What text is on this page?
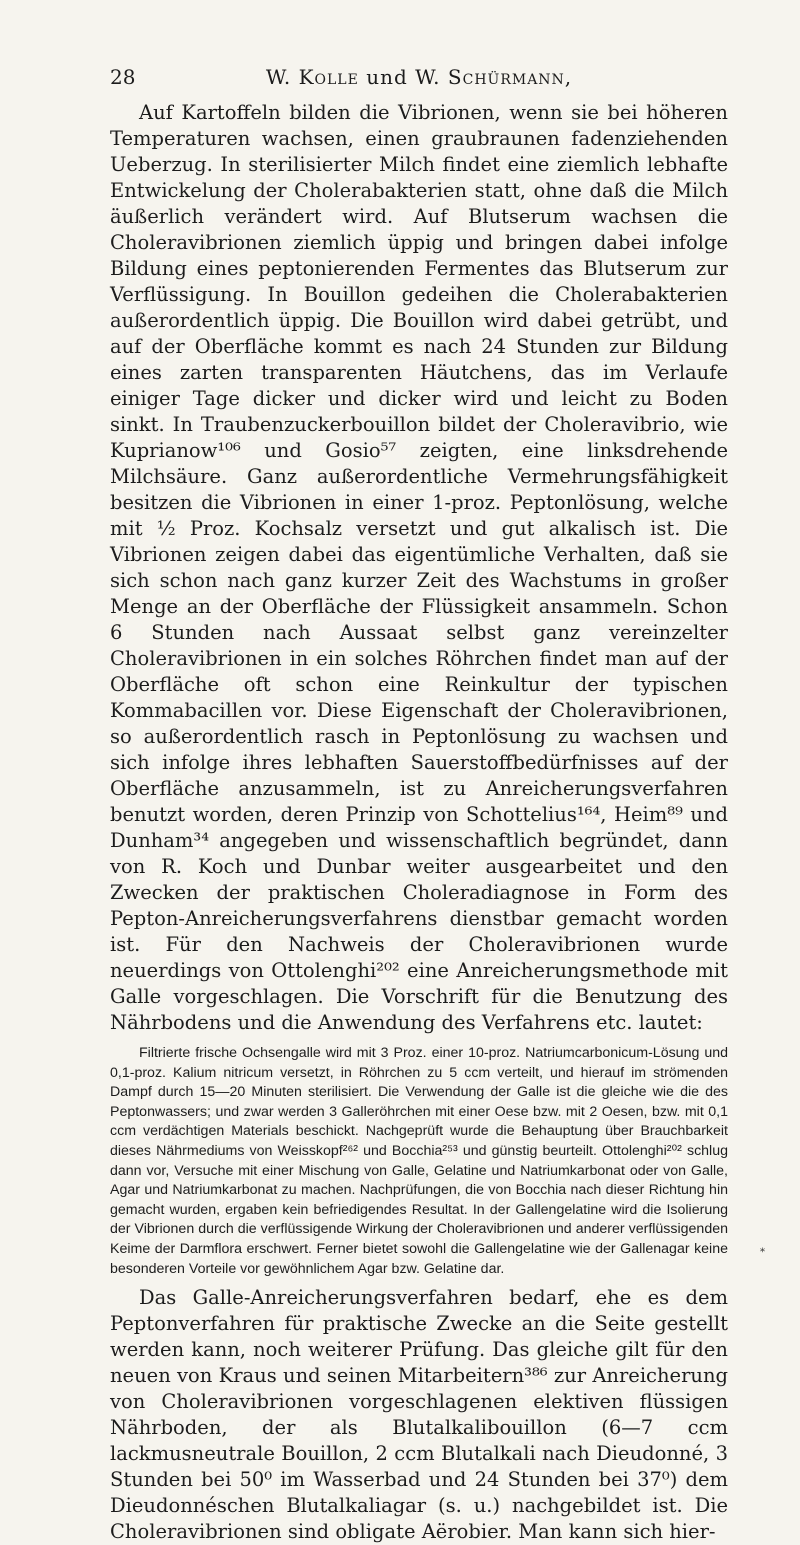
28	W. Kolle und W. Schürmann,

Auf Kartoffeln bilden die Vibrionen, wenn sie bei höheren Temperaturen wachsen, einen graubraunen fadenziehenden Ueberzug. In sterilisierter Milch findet eine ziemlich lebhafte Entwickelung der Cholerabakterien statt, ohne daß die Milch äußerlich verändert wird. Auf Blutserum wachsen die Choleravibrionen ziemlich üppig und bringen dabei infolge Bildung eines peptonierenden Fermentes das Blutserum zur Verflüssigung. In Bouillon gedeihen die Cholerabakterien außerordentlich üppig. Die Bouillon wird dabei getrübt, und auf der Oberfläche kommt es nach 24 Stunden zur Bildung eines zarten transparenten Häutchens, das im Verlaufe einiger Tage dicker und dicker wird und leicht zu Boden sinkt. In Traubenzuckerbouillon bildet der Choleravibrio, wie Kuprianow¹⁰⁶ und Gosio⁵⁷ zeigten, eine linksdrehende Milchsäure. Ganz außerordentliche Vermehrungsfähigkeit besitzen die Vibrionen in einer 1-proz. Peptonlösung, welche mit ½ Proz. Kochsalz versetzt und gut alkalisch ist. Die Vibrionen zeigen dabei das eigentümliche Verhalten, daß sie sich schon nach ganz kurzer Zeit des Wachstums in großer Menge an der Oberfläche der Flüssigkeit ansammeln. Schon 6 Stunden nach Aussaat selbst ganz vereinzelter Choleravibrionen in ein solches Röhrchen findet man auf der Oberfläche oft schon eine Reinkultur der typischen Kommabacillen vor. Diese Eigenschaft der Choleravibrionen, so außerordentlich rasch in Peptonlösung zu wachsen und sich infolge ihres lebhaften Sauerstoffbedürfnisses auf der Oberfläche anzusammeln, ist zu Anreicherungsverfahren benutzt worden, deren Prinzip von Schottelius¹⁶⁴, Heim⁸⁹ und Dunham³⁴ angegeben und wissenschaftlich begründet, dann von R. Koch und Dunbar weiter ausgearbeitet und den Zwecken der praktischen Choleradiagnose in Form des Pepton-Anreicherungsverfahrens dienstbar gemacht worden ist. Für den Nachweis der Choleravibrionen wurde neuerdings von Ottolenghi²⁰² eine Anreicherungsmethode mit Galle vorgeschlagen. Die Vorschrift für die Benutzung des Nährbodens und die Anwendung des Verfahrens etc. lautet:

Filtrierte frische Ochsengalle wird mit 3 Proz. einer 10-proz. Natriumcarbonicum-Lösung und 0,1-proz. Kalium nitricum versetzt, in Röhrchen zu 5 ccm verteilt, und hierauf im strömenden Dampf durch 15—20 Minuten sterilisiert. Die Verwendung der Galle ist die gleiche wie die des Peptonwassers; und zwar werden 3 Galleröhrchen mit einer Oese bzw. mit 2 Oesen, bzw. mit 0,1 ccm verdächtigen Materials beschickt. Nachgeprüft wurde die Behauptung über Brauchbarkeit dieses Nährmediums von Weisskopf²⁶² und Bocchia²⁵³ und günstig beurteilt. Ottolenghi²⁰² schlug dann vor, Versuche mit einer Mischung von Galle, Gelatine und Natriumkarbonat oder von Galle, Agar und Natriumkarbonat zu machen. Nachprüfungen, die von Bocchia nach dieser Richtung hin gemacht wurden, ergaben kein befriedigendes Resultat. In der Gallengelatine wird die Isolierung der Vibrionen durch die verflüssigende Wirkung der Choleravibrionen und anderer verflüssigenden Keime der Darmflora erschwert. Ferner bietet sowohl die Gallengelatine wie der Gallenagar keine besonderen Vorteile vor gewöhnlichem Agar bzw. Gelatine dar.

Das Galle-Anreicherungsverfahren bedarf, ehe es dem Peptonverfahren für praktische Zwecke an die Seite gestellt werden kann, noch weiterer Prüfung. Das gleiche gilt für den neuen von Kraus und seinen Mitarbeitern³⁸⁶ zur Anreicherung von Choleravibrionen vorgeschlagenen elektiven flüssigen Nährboden, der als Blutalkalibouillon (6—7 ccm lackmusneutrale Bouillon, 2 ccm Blutalkali nach Dieudonné, 3 Stunden bei 50⁰ im Wasserbad und 24 Stunden bei 37⁰) dem Dieudonnéschen Blutalkaliagar (s. u.) nachgebildet ist. Die Choleravibrionen sind obligate Aërobier. Man kann sich hier-

*
